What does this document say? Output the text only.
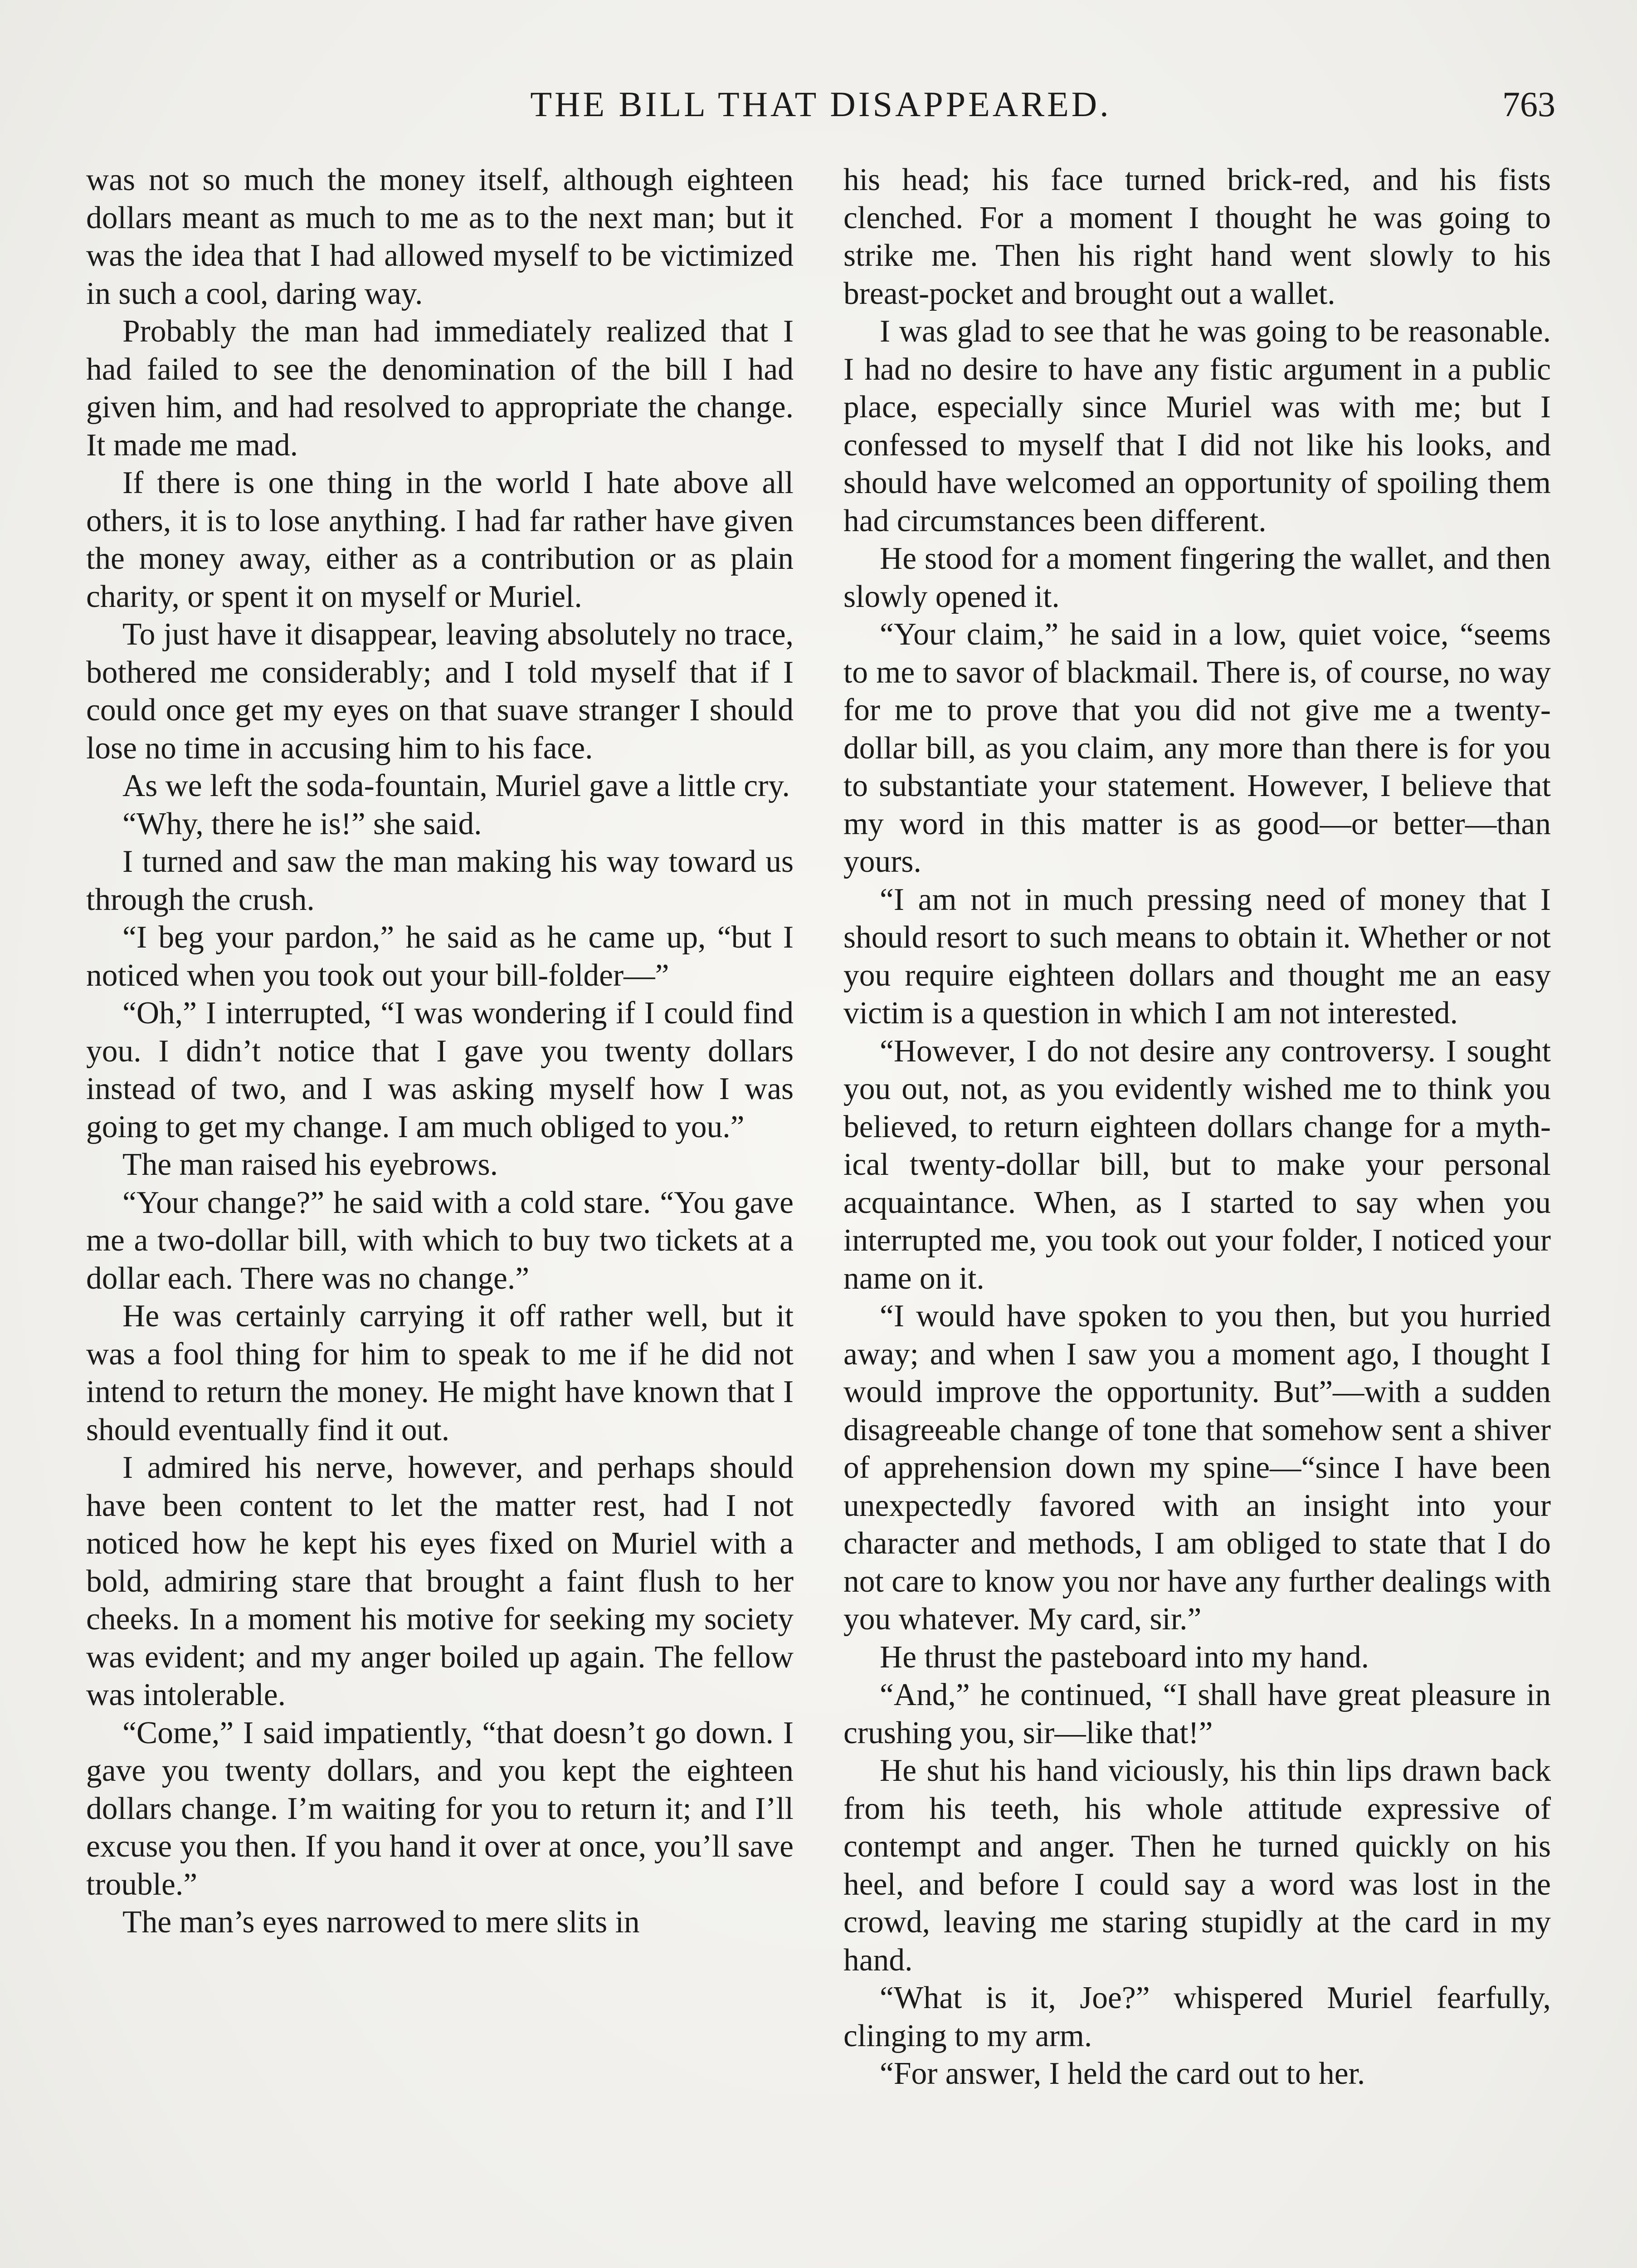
THE BILL THAT DISAPPEARED.	763

was not so much the money itself, although eighteen dollars meant as much to me as to the next man; but it was the idea that I had allowed myself to be victimized in such a cool, daring way.

Probably the man had immediately realized that I had failed to see the denomination of the bill I had given him, and had resolved to appropriate the change. It made me mad.

If there is one thing in the world I hate above all others, it is to lose anything. I had far rather have given the money away, either as a contribution or as plain charity, or spent it on myself or Muriel.

To just have it disappear, leaving absolutely no trace, bothered me considerably; and I told myself that if I could once get my eyes on that suave stranger I should lose no time in accusing him to his face.

As we left the soda-fountain, Muriel gave a little cry.

“Why, there he is!” she said.

I turned and saw the man making his way toward us through the crush.

“I beg your pardon,” he said as he came up, “but I noticed when you took out your bill-folder—”

“Oh,” I interrupted, “I was wondering if I could find you. I didn’t notice that I gave you twenty dollars instead of two, and I was asking myself how I was going to get my change. I am much obliged to you.”

The man raised his eyebrows.

“Your change?” he said with a cold stare. “You gave me a two-dollar bill, with which to buy two tickets at a dollar each. There was no change.”

He was certainly carrying it off rather well, but it was a fool thing for him to speak to me if he did not intend to return the money. He might have known that I should eventually find it out.

I admired his nerve, however, and perhaps should have been content to let the matter rest, had I not noticed how he kept his eyes fixed on Muriel with a bold, admiring stare that brought a faint flush to her cheeks. In a moment his motive for seeking my society was evident; and my anger boiled up again. The fellow was intolerable.

“Come,” I said impatiently, “that doesn’t go down. I gave you twenty dollars, and you kept the eighteen dollars change. I’m waiting for you to return it; and I’ll excuse you then. If you hand it over at once, you’ll save trouble.”

The man’s eyes narrowed to mere slits in

his head; his face turned brick-red, and his fists clenched. For a moment I thought he was going to strike me. Then his right hand went slowly to his breast-pocket and brought out a wallet.

I was glad to see that he was going to be reasonable. I had no desire to have any fistic argument in a public place, especially since Muriel was with me; but I confessed to myself that I did not like his looks, and should have welcomed an opportunity of spoiling them had circumstances been different.

He stood for a moment fingering the wallet, and then slowly opened it.

“Your claim,” he said in a low, quiet voice, “seems to me to savor of blackmail. There is, of course, no way for me to prove that you did not give me a twenty-dollar bill, as you claim, any more than there is for you to substantiate your statement. However, I believe that my word in this matter is as good—or better—than yours.

“I am not in much pressing need of money that I should resort to such means to obtain it. Whether or not you require eighteen dollars and thought me an easy victim is a question in which I am not interested.

“However, I do not desire any controversy. I sought you out, not, as you evidently wished me to think you believed, to return eighteen dollars change for a mythical twenty-dollar bill, but to make your personal acquaintance. When, as I started to say when you interrupted me, you took out your folder, I noticed your name on it.

“I would have spoken to you then, but you hurried away; and when I saw you a moment ago, I thought I would improve the opportunity. But”—with a sudden disagreeable change of tone that somehow sent a shiver of apprehension down my spine—“since I have been unexpectedly favored with an insight into your character and methods, I am obliged to state that I do not care to know you nor have any further dealings with you whatever. My card, sir.”

He thrust the pasteboard into my hand.

“And,” he continued, “I shall have great pleasure in crushing you, sir—like that!”

He shut his hand viciously, his thin lips drawn back from his teeth, his whole attitude expressive of contempt and anger. Then he turned quickly on his heel, and before I could say a word was lost in the crowd, leaving me staring stupidly at the card in my hand.

“What is it, Joe?” whispered Muriel fearfully, clinging to my arm.

“For answer, I held the card out to her.
